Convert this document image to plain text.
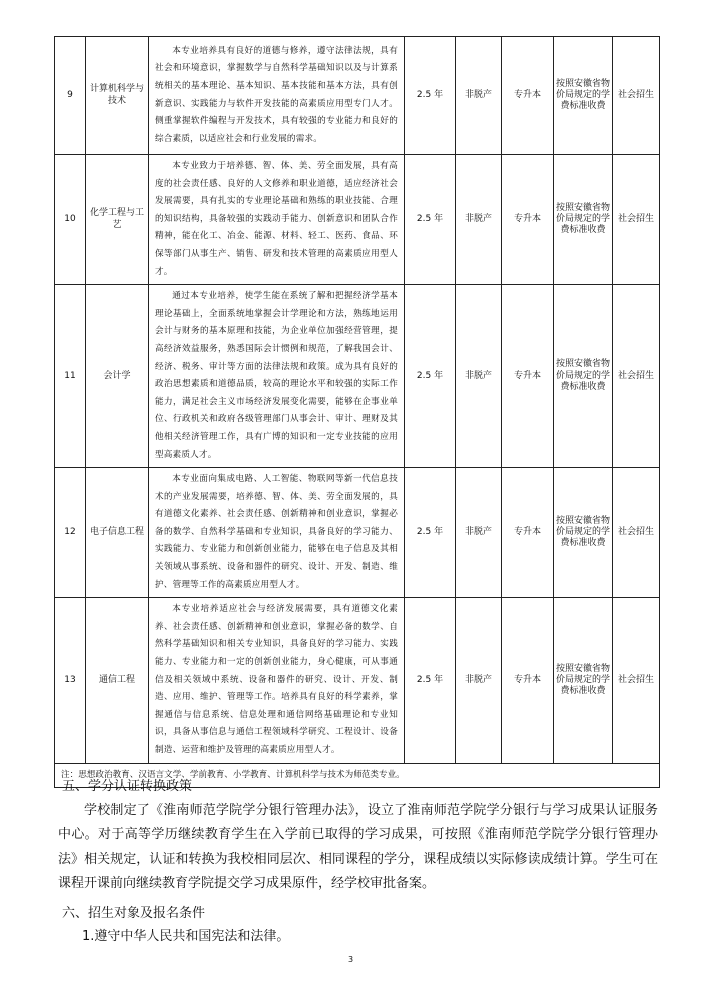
9	计算机科学与技术	本专业培养具有良好的道德与修养，遵守法律法规，具有社会和环境意识，掌握数学与自然科学基础知识以及与计算系统相关的基本理论、基本知识、基本技能和基本方法，具有创新意识、实践能力与软件开发技能的高素质应用型专门人才。侧重掌握软件编程与开发技术，具有较强的专业能力和良好的综合素质，以适应社会和行业发展的需求。	2.5 年	非脱产	专升本	按照安徽省物价局规定的学费标准收费	社会招生
10	化学工程与工艺	本专业致力于培养德、智、体、美、劳全面发展，具有高度的社会责任感、良好的人文修养和职业道德，适应经济社会发展需要，具有扎实的专业理论基础和熟练的职业技能、合理的知识结构，具备较强的实践动手能力、创新意识和团队合作精神，能在化工、冶金、能源、材料、轻工、医药、食品、环保等部门从事生产、销售、研发和技术管理的高素质应用型人才。	2.5 年	非脱产	专升本	按照安徽省物价局规定的学费标准收费	社会招生
11	会计学	通过本专业培养，使学生能在系统了解和把握经济学基本理论基础上，全面系统地掌握会计学理论和方法，熟练地运用会计与财务的基本原理和技能，为企业单位加强经营管理，提高经济效益服务，熟悉国际会计惯例和规范，了解我国会计、经济、税务、审计等方面的法律法规和政策。成为具有良好的政治思想素质和道德品质，较高的理论水平和较强的实际工作能力，满足社会主义市场经济发展变化需要，能够在企事业单位、行政机关和政府各级管理部门从事会计、审计、理财及其他相关经济管理工作，具有广博的知识和一定专业技能的应用型高素质人才。	2.5 年	非脱产	专升本	按照安徽省物价局规定的学费标准收费	社会招生
12	电子信息工程	本专业面向集成电路、人工智能、物联网等新一代信息技术的产业发展需要，培养德、智、体、美、劳全面发展的，具有道德文化素养、社会责任感、创新精神和创业意识，掌握必备的数学、自然科学基础和专业知识，具备良好的学习能力、实践能力、专业能力和创新创业能力，能够在电子信息及其相关领域从事系统、设备和器件的研究、设计、开发、制造、维护、管理等工作的高素质应用型人才。	2.5 年	非脱产	专升本	按照安徽省物价局规定的学费标准收费	社会招生
13	通信工程	本专业培养适应社会与经济发展需要，具有道德文化素养、社会责任感、创新精神和创业意识，掌握必备的数学、自然科学基础知识和相关专业知识，具备良好的学习能力、实践能力、专业能力和一定的创新创业能力，身心健康，可从事通信及相关领域中系统、设备和器件的研究、设计、开发、制造、应用、维护、管理等工作。培养具有良好的科学素养，掌握通信与信息系统、信息处理和通信网络基础理论和专业知识，具备从事信息与通信工程领域科学研究、工程设计、设备制造、运营和维护及管理的高素质应用型人才。	2.5 年	非脱产	专升本	按照安徽省物价局规定的学费标准收费	社会招生
注：思想政治教育、汉语言文学、学前教育、小学教育、计算机科学与技术为师范类专业。							

五、学分认证转换政策

学校制定了《淮南师范学院学分银行管理办法》，设立了淮南师范学院学分银行与学习成果认证服务中心。对于高等学历继续教育学生在入学前已取得的学习成果，可按照《淮南师范学院学分银行管理办法》相关规定，认证和转换为我校相同层次、相同课程的学分，课程成绩以实际修读成绩计算。学生可在课程开课前向继续教育学院提交学习成果原件，经学校审批备案。

六、招生对象及报名条件

1.遵守中华人民共和国宪法和法律。

3
